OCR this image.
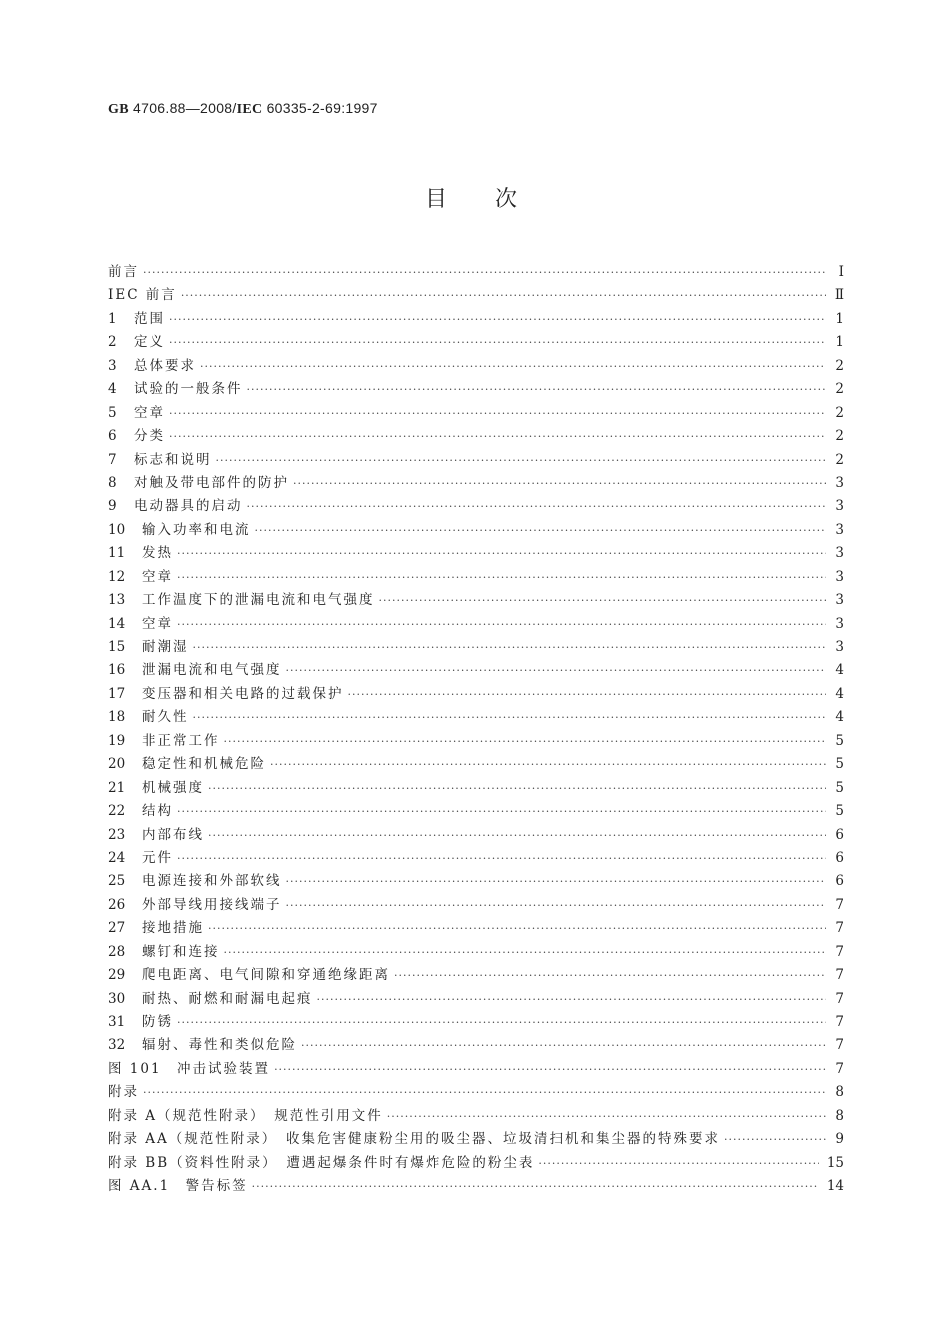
GB 4706.88—2008/IEC 60335-2-69:1997
目次
前言 ·····	Ⅰ
IEC 前言 ·····	Ⅱ
1	范围 ·····	1
2	定义 ·····	1
3	总体要求 ·····	2
4	试验的一般条件 ·····	2
5	空章 ·····	2
6	分类 ·····	2
7	标志和说明 ·····	2
8	对触及带电部件的防护 ·····	3
9	电动器具的启动 ·····	3
10	输入功率和电流 ·····	3
11	发热 ·····	3
12	空章 ·····	3
13	工作温度下的泄漏电流和电气强度 ·····	3
14	空章 ·····	3
15	耐潮湿 ·····	3
16	泄漏电流和电气强度 ·····	4
17	变压器和相关电路的过载保护 ·····	4
18	耐久性 ·····	4
19	非正常工作 ·····	5
20	稳定性和机械危险 ·····	5
21	机械强度 ·····	5
22	结构 ·····	5
23	内部布线 ·····	6
24	元件 ·····	6
25	电源连接和外部软线 ·····	6
26	外部导线用接线端子 ·····	7
27	接地措施 ·····	7
28	螺钉和连接 ·····	7
29	爬电距离、电气间隙和穿通绝缘距离 ·····	7
30	耐热、耐燃和耐漏电起痕 ·····	7
31	防锈 ·····	7
32	辐射、毒性和类似危险 ·····	7
图 101　冲击试验装置 ·····	7
附录 ·····	8
附录 A（规范性附录）　规范性引用文件 ·····	8
附录 AA（规范性附录）　收集危害健康粉尘用的吸尘器、垃圾清扫机和集尘器的特殊要求 ·····	9
附录 BB（资料性附录）　遭遇起爆条件时有爆炸危险的粉尘表 ·····	15
图 AA.1　警告标签 ·····	14
